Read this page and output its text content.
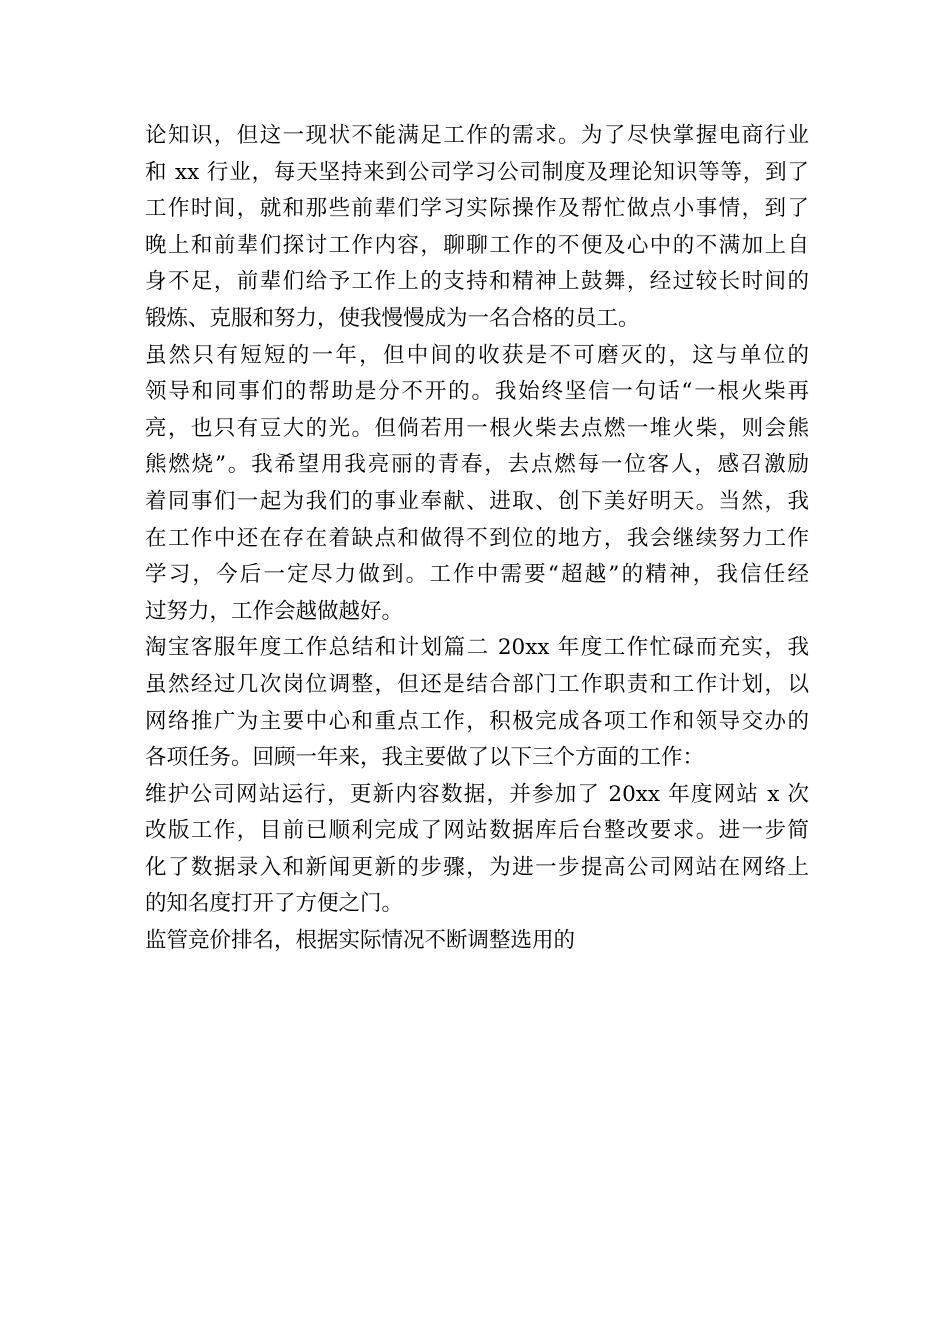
论知识，但这一现状不能满足工作的需求。为了尽快掌握电商行业
和 xx 行业，每天坚持来到公司学习公司制度及理论知识等等，到了
工作时间，就和那些前辈们学习实际操作及帮忙做点小事情，到了
晚上和前辈们探讨工作内容，聊聊工作的不便及心中的不满加上自
身不足，前辈们给予工作上的支持和精神上鼓舞，经过较长时间的
锻炼、克服和努力，使我慢慢成为一名合格的员工。
虽然只有短短的一年，但中间的收获是不可磨灭的，这与单位的
领导和同事们的帮助是分不开的。我始终坚信一句话“一根火柴再
亮，也只有豆大的光。但倘若用一根火柴去点燃一堆火柴，则会熊
熊燃烧”。我希望用我亮丽的青春，去点燃每一位客人，感召激励
着同事们一起为我们的事业奉献、进取、创下美好明天。当然，我
在工作中还在存在着缺点和做得不到位的地方，我会继续努力工作
学习，今后一定尽力做到。工作中需要“超越”的精神，我信任经
过努力，工作会越做越好。
淘宝客服年度工作总结和计划篇二 20xx 年度工作忙碌而充实，我
虽然经过几次岗位调整，但还是结合部门工作职责和工作计划，以
网络推广为主要中心和重点工作，积极完成各项工作和领导交办的
各项任务。回顾一年来，我主要做了以下三个方面的工作：
维护公司网站运行，更新内容数据，并参加了 20xx 年度网站 x 次
改版工作，目前已顺利完成了网站数据库后台整改要求。进一步简
化了数据录入和新闻更新的步骤，为进一步提高公司网站在网络上
的知名度打开了方便之门。
监管竞价排名，根据实际情况不断调整选用的
